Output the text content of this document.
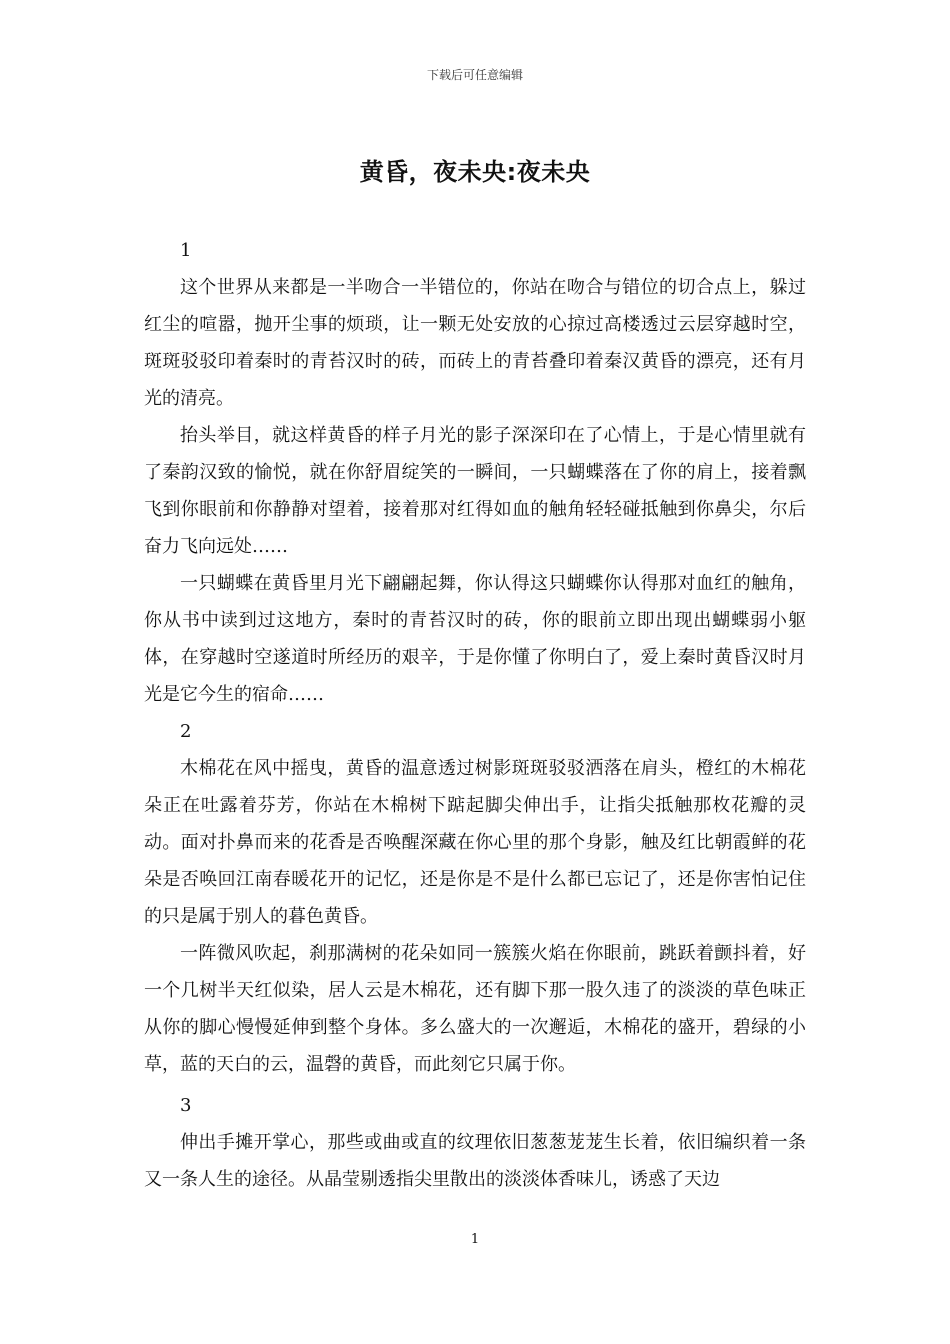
下载后可任意编辑
黄昏，夜未央:夜未央

1

这个世界从来都是一半吻合一半错位的，你站在吻合与错位的切合点上，躲过红尘的喧嚣，抛开尘事的烦琐，让一颗无处安放的心掠过高楼透过云层穿越时空，斑斑驳驳印着秦时的青苔汉时的砖，而砖上的青苔叠印着秦汉黄昏的漂亮，还有月光的清亮。

抬头举目，就这样黄昏的样子月光的影子深深印在了心情上，于是心情里就有了秦韵汉致的愉悦，就在你舒眉绽笑的一瞬间，一只蝴蝶落在了你的肩上，接着飘飞到你眼前和你静静对望着，接着那对红得如血的触角轻轻碰抵触到你鼻尖，尔后奋力飞向远处……

一只蝴蝶在黄昏里月光下翩翩起舞，你认得这只蝴蝶你认得那对血红的触角，你从书中读到过这地方，秦时的青苔汉时的砖，你的眼前立即出现出蝴蝶弱小躯体，在穿越时空遂道时所经历的艰辛，于是你懂了你明白了，爱上秦时黄昏汉时月光是它今生的宿命……

2

木棉花在风中摇曳，黄昏的温意透过树影斑斑驳驳洒落在肩头，橙红的木棉花朵正在吐露着芬芳，你站在木棉树下踮起脚尖伸出手，让指尖抵触那枚花瓣的灵动。面对扑鼻而来的花香是否唤醒深藏在你心里的那个身影，触及红比朝霞鲜的花朵是否唤回江南春暖花开的记忆，还是你是不是什么都已忘记了，还是你害怕记住的只是属于别人的暮色黄昏。

一阵微风吹起，刹那满树的花朵如同一簇簇火焰在你眼前，跳跃着颤抖着，好一个几树半天红似染，居人云是木棉花，还有脚下那一股久违了的淡淡的草色味正从你的脚心慢慢延伸到整个身体。多么盛大的一次邂逅，木棉花的盛开，碧绿的小草，蓝的天白的云，温磬的黄昏，而此刻它只属于你。

3

伸出手摊开掌心，那些或曲或直的纹理依旧葱葱茏茏生长着，依旧编织着一条又一条人生的途径。从晶莹剔透指尖里散出的淡淡体香味儿，诱惑了天边

1
